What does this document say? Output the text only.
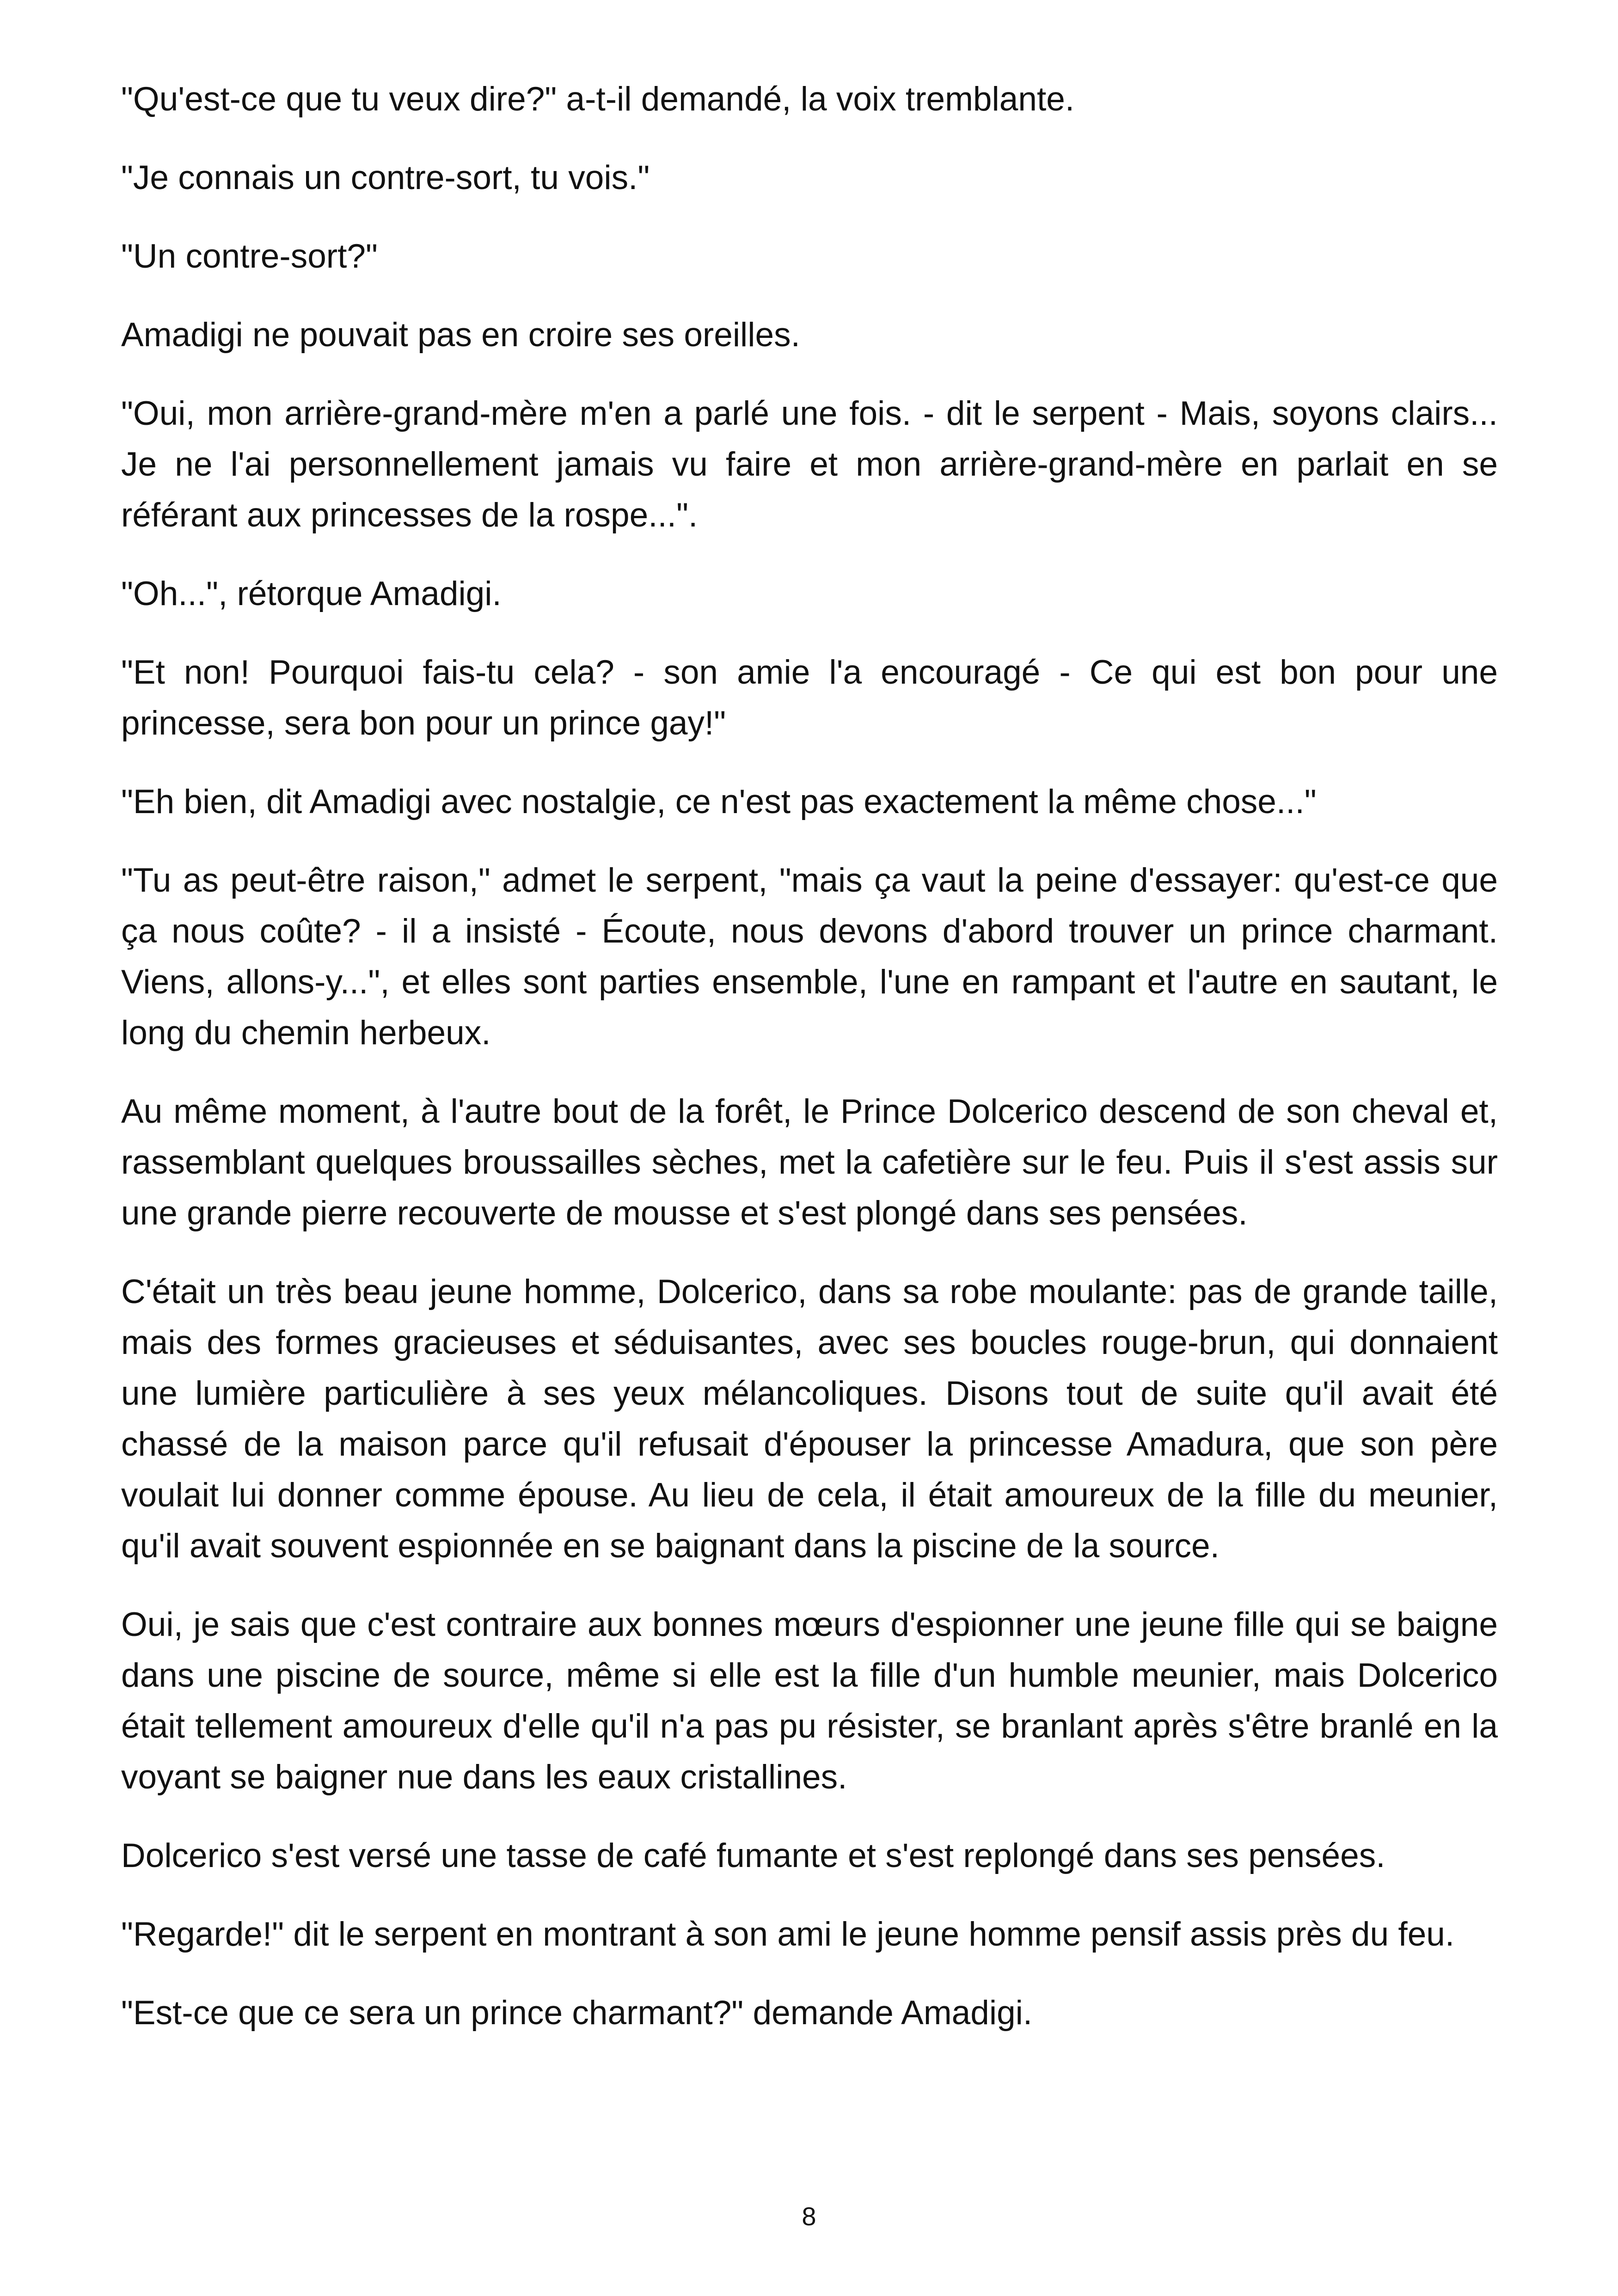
"Qu'est-ce que tu veux dire?" a-t-il demandé, la voix tremblante.

"Je connais un contre-sort, tu vois."

"Un contre-sort?"

Amadigi ne pouvait pas en croire ses oreilles.

"Oui, mon arrière-grand-mère m'en a parlé une fois. - dit le serpent - Mais, soyons clairs... Je ne l'ai personnellement jamais vu faire et mon arrière-grand-mère en parlait en se référant aux princesses de la rospe...".

"Oh...", rétorque Amadigi.

"Et non! Pourquoi fais-tu cela? - son amie l'a encouragé - Ce qui est bon pour une princesse, sera bon pour un prince gay!"

"Eh bien, dit Amadigi avec nostalgie, ce n'est pas exactement la même chose..."

"Tu as peut-être raison," admet le serpent, "mais ça vaut la peine d'essayer: qu'est-ce que ça nous coûte? - il a insisté - Écoute, nous devons d'abord trouver un prince charmant. Viens, allons-y...", et elles sont parties ensemble, l'une en rampant et l'autre en sautant, le long du chemin herbeux.

Au même moment, à l'autre bout de la forêt, le Prince Dolcerico descend de son cheval et, rassemblant quelques broussailles sèches, met la cafetière sur le feu. Puis il s'est assis sur une grande pierre recouverte de mousse et s'est plongé dans ses pensées.

C'était un très beau jeune homme, Dolcerico, dans sa robe moulante: pas de grande taille, mais des formes gracieuses et séduisantes, avec ses boucles rouge-brun, qui donnaient une lumière particulière à ses yeux mélancoliques. Disons tout de suite qu'il avait été chassé de la maison parce qu'il refusait d'épouser la princesse Amadura, que son père voulait lui donner comme épouse. Au lieu de cela, il était amoureux de la fille du meunier, qu'il avait souvent espionnée en se baignant dans la piscine de la source.

Oui, je sais que c'est contraire aux bonnes mœurs d'espionner une jeune fille qui se baigne dans une piscine de source, même si elle est la fille d'un humble meunier, mais Dolcerico était tellement amoureux d'elle qu'il n'a pas pu résister, se branlant après s'être branlé en la voyant se baigner nue dans les eaux cristallines.

Dolcerico s'est versé une tasse de café fumante et s'est replongé dans ses pensées.

"Regarde!" dit le serpent en montrant à son ami le jeune homme pensif assis près du feu.

"Est-ce que ce sera un prince charmant?" demande Amadigi.

8
